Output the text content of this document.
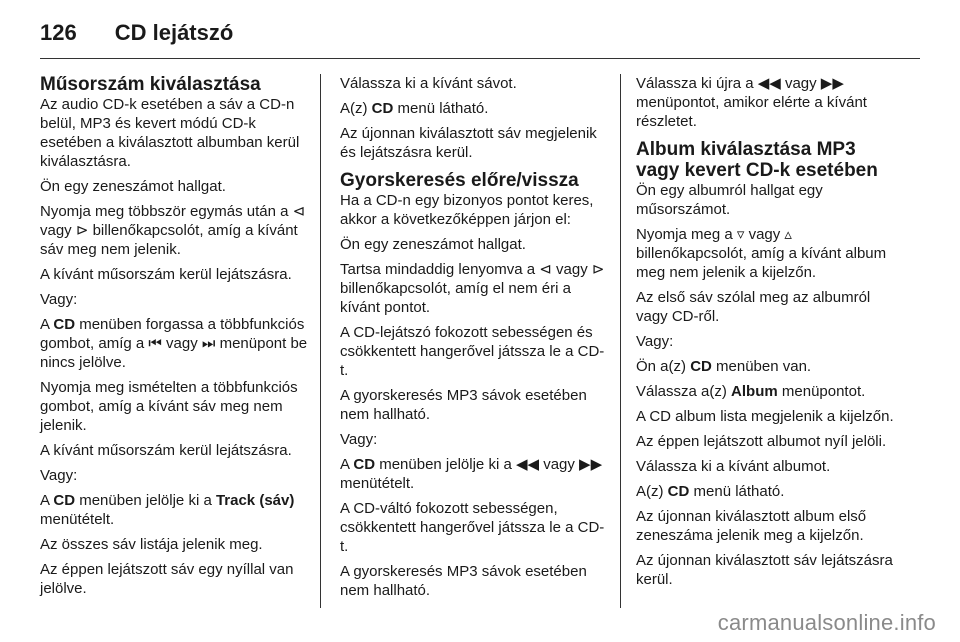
126 CD lejátszó
Műsorszám kiválasztása

Az audio CD-k esetében a sáv a CD-n belül, MP3 és kevert módú CD-k esetében a kiválasztott albumban kerül kiválasztásra.

Ön egy zeneszámot hallgat.

Nyomja meg többször egymás után a ⊲ vagy ⊳ billenőkapcsolót, amíg a kívánt sáv meg nem jelenik.

A kívánt műsorszám kerül lejátszásra.

Vagy:

A CD menüben forgassa a többfunkciós gombot, amíg a ⏮ vagy ⏭ menüpont be nincs jelölve.

Nyomja meg ismételten a többfunkciós gombot, amíg a kívánt sáv meg nem jelenik.

A kívánt műsorszám kerül lejátszásra.

Vagy:

A CD menüben jelölje ki a Track (sáv) menütételt.

Az összes sáv listája jelenik meg.

Az éppen lejátszott sáv egy nyíllal van jelölve.

Válassza ki a kívánt sávot.

A(z) CD menü látható.

Az újonnan kiválasztott sáv megjelenik és lejátszásra kerül.

Gyorskeresés előre/vissza

Ha a CD-n egy bizonyos pontot keres, akkor a következőképpen járjon el:

Ön egy zeneszámot hallgat.

Tartsa mindaddig lenyomva a ⊲ vagy ⊳ billenőkapcsolót, amíg el nem éri a kívánt pontot.

A CD-lejátszó fokozott sebességen és csökkentett hangerővel játssza le a CD-t.

A gyorskeresés MP3 sávok esetében nem hallható.

Vagy:

A CD menüben jelölje ki a ◀◀ vagy ▶▶ menütételt.

A CD-váltó fokozott sebességen, csökkentett hangerővel játssza le a CD-t.

A gyorskeresés MP3 sávok esetében nem hallható.

Válassza ki újra a ◀◀ vagy ▶▶ menüpontot, amikor elérte a kívánt részletet.

Album kiválasztása MP3 vagy kevert CD-k esetében

Ön egy albumról hallgat egy műsorszámot.

Nyomja meg a ▿ vagy ▵ billenőkapcsolót, amíg a kívánt album meg nem jelenik a kijelzőn.

Az első sáv szólal meg az albumról vagy CD-ről.

Vagy:

Ön a(z) CD menüben van.

Válassza a(z) Album menüpontot.

A CD album lista megjelenik a kijelzőn.

Az éppen lejátszott albumot nyíl jelöli.

Válassza ki a kívánt albumot.

A(z) CD menü látható.

Az újonnan kiválasztott album első zeneszáma jelenik meg a kijelzőn.

Az újonnan kiválasztott sáv lejátszásra kerül.

carmanualsonline.info
